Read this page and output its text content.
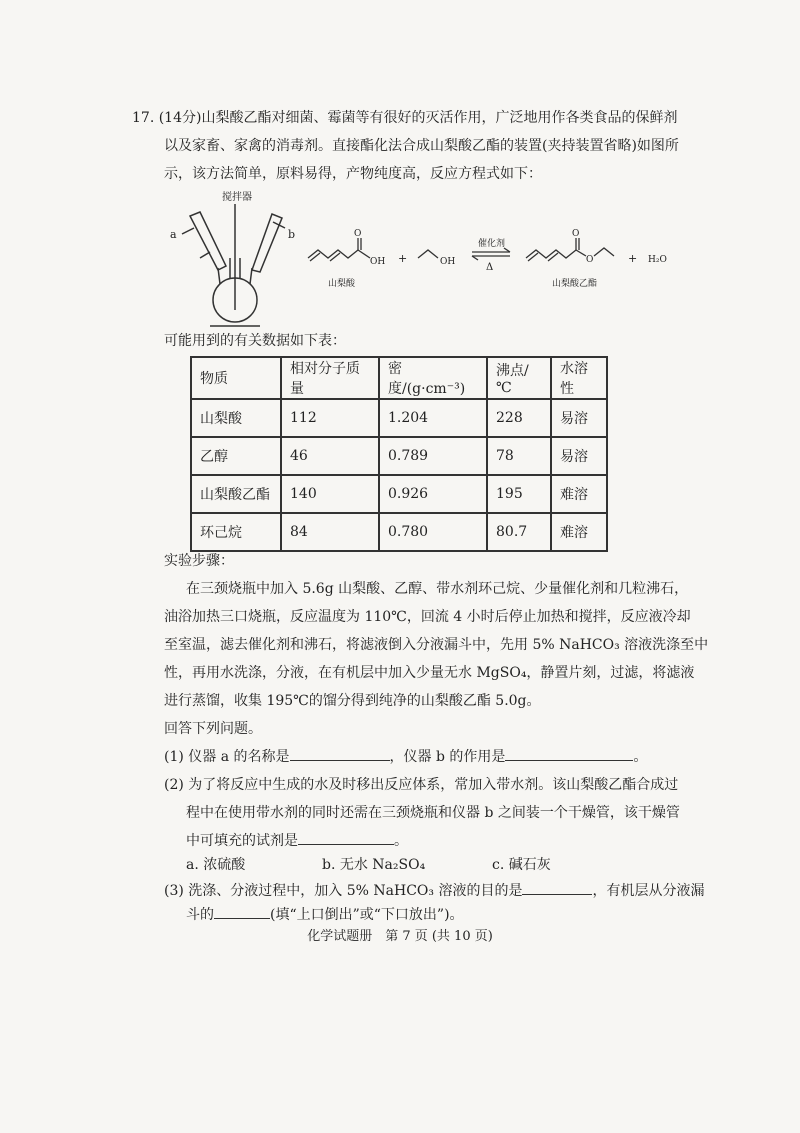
17. (14分)山梨酸乙酯对细菌、霉菌等有很好的灭活作用，广泛地用作各类食品的保鲜剂
以及家畜、家禽的消毒剂。直接酯化法合成山梨酸乙酯的装置(夹持装置省略)如图所
示，该方法简单，原料易得，产物纯度高，反应方程式如下：
搅拌器
a	b	O
OH
山梨酸
+	OH
催化剂
Δ
O
O
山梨酸乙酯
+ H₂O
可能用到的有关数据如下表：
物质	相对分子质量	密度/(g·cm⁻³)	沸点/℃	水溶性
山梨酸	112	1.204	228	易溶
乙醇	46	0.789	78	易溶
山梨酸乙酯	140	0.926	195	难溶
环己烷	84	0.780	80.7	难溶
实验步骤：
在三颈烧瓶中加入 5.6g 山梨酸、乙醇、带水剂环己烷、少量催化剂和几粒沸石，
油浴加热三口烧瓶，反应温度为 110℃，回流 4 小时后停止加热和搅拌，反应液冷却
至室温，滤去催化剂和沸石，将滤液倒入分液漏斗中，先用 5% NaHCO₃ 溶液洗涤至中
性，再用水洗涤，分液，在有机层中加入少量无水 MgSO₄，静置片刻，过滤，将滤液
进行蒸馏，收集 195℃的馏分得到纯净的山梨酸乙酯 5.0g。
回答下列问题。
(1) 仪器 a 的名称是	，仪器 b 的作用是	。
(2) 为了将反应中生成的水及时移出反应体系，常加入带水剂。该山梨酸乙酯合成过
程中在使用带水剂的同时还需在三颈烧瓶和仪器 b 之间装一个干燥管，该干燥管
中可填充的试剂是	。
a. 浓硫酸	b. 无水 Na₂SO₄	c. 碱石灰
(3) 洗涤、分液过程中，加入 5% NaHCO₃ 溶液的目的是	，有机层从分液漏
斗的	(填“上口倒出”或“下口放出”)。
化学试题册　第 7 页 (共 10 页)
